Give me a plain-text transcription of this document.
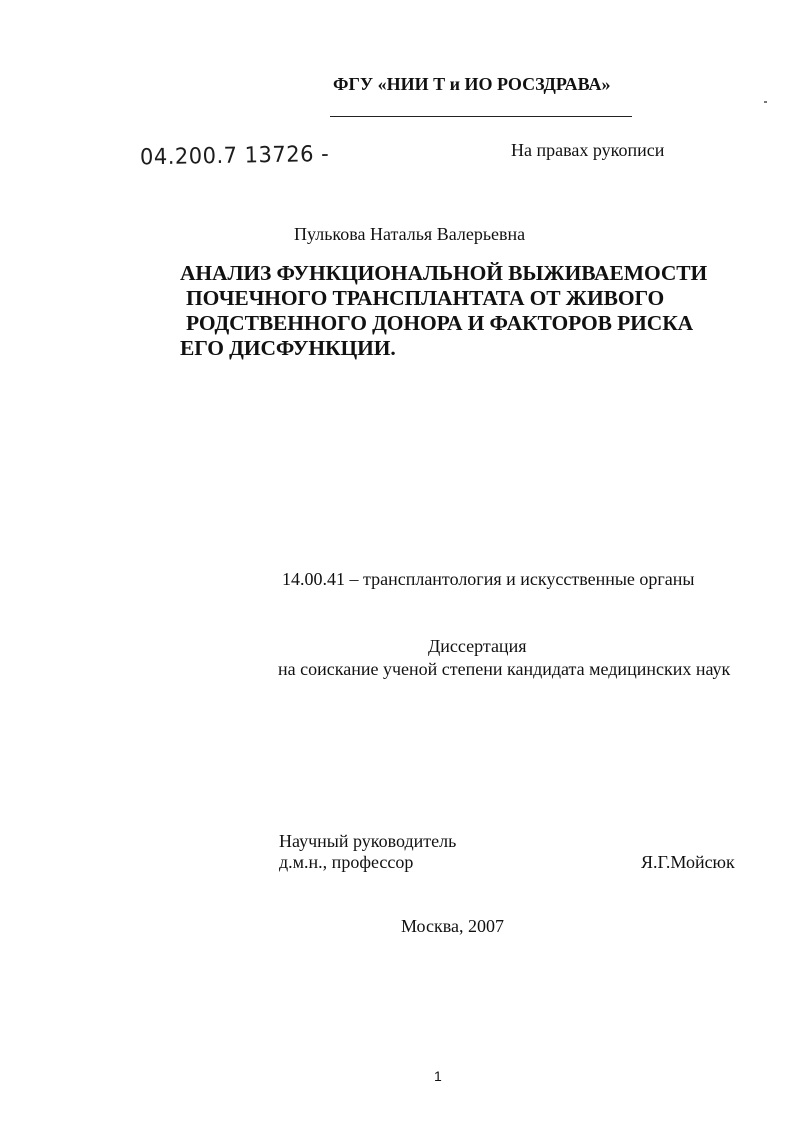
ФГУ «НИИ Т и ИО РОСЗДРАВА»
04.200.7 13726 -	На правах рукописи
Пулькова Наталья Валерьевна
АНАЛИЗ ФУНКЦИОНАЛЬНОЙ ВЫЖИВАЕМОСТИ
ПОЧЕЧНОГО ТРАНСПЛАНТАТА ОТ ЖИВОГО
РОДСТВЕННОГО ДОНОРА И ФАКТОРОВ РИСКА
ЕГО ДИСФУНКЦИИ.
14.00.41 – трансплантология и искусственные органы
Диссертация
на соискание ученой степени кандидата медицинских наук
Научный руководитель
д.м.н., профессор	Я.Г.Мойсюк
Москва, 2007
1
